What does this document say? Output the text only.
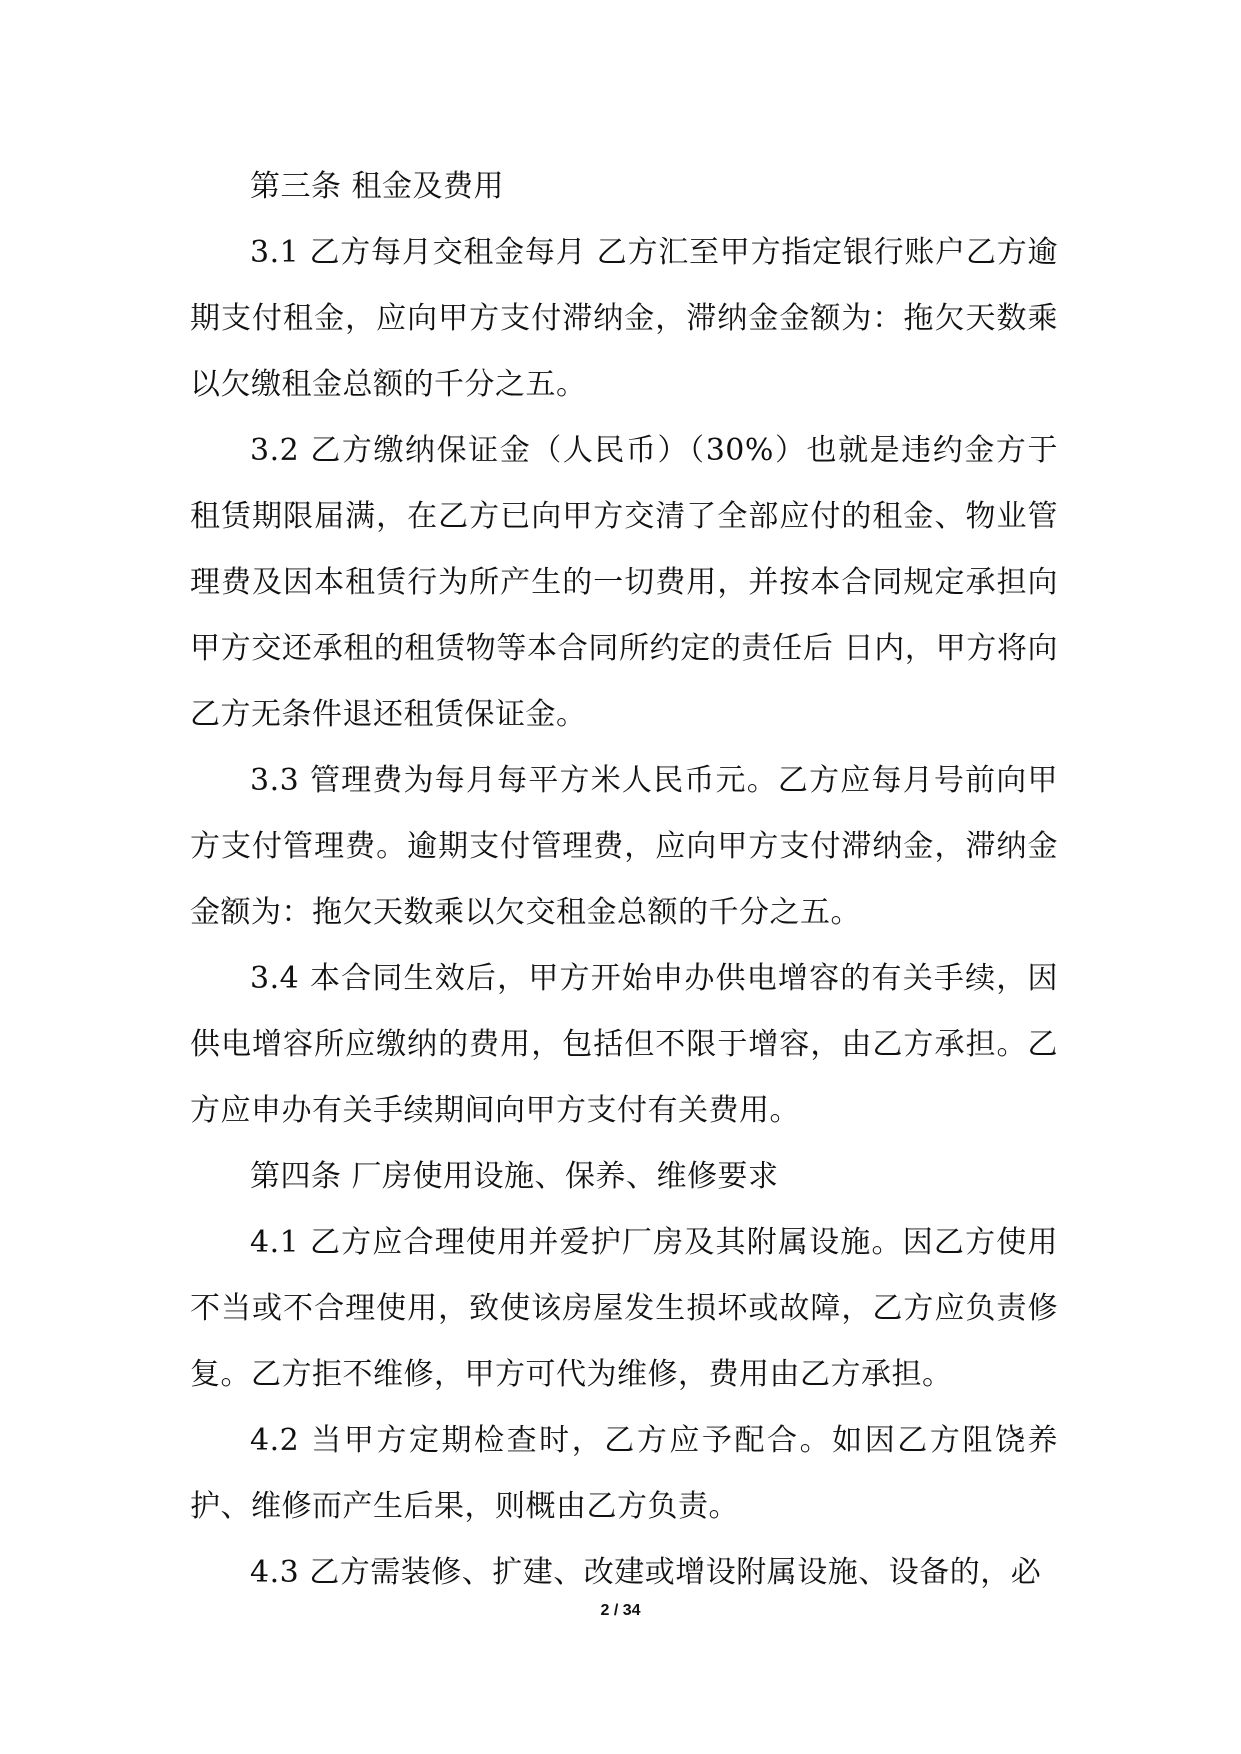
第三条 租金及费用

3.1 乙方每月交租金每月 乙方汇至甲方指定银行账户乙方逾期支付租金，应向甲方支付滞纳金，滞纳金金额为：拖欠天数乘以欠缴租金总额的千分之五。

3.2 乙方缴纳保证金（人民币）（30%）也就是违约金方于租赁期限届满，在乙方已向甲方交清了全部应付的租金、物业管理费及因本租赁行为所产生的一切费用，并按本合同规定承担向甲方交还承租的租赁物等本合同所约定的责任后 日内，甲方将向乙方无条件退还租赁保证金。

3.3 管理费为每月每平方米人民币元。乙方应每月号前向甲方支付管理费。逾期支付管理费，应向甲方支付滞纳金，滞纳金金额为：拖欠天数乘以欠交租金总额的千分之五。

3.4 本合同生效后，甲方开始申办供电增容的有关手续，因供电增容所应缴纳的费用，包括但不限于增容，由乙方承担。乙方应申办有关手续期间向甲方支付有关费用。

第四条 厂房使用设施、保养、维修要求

4.1 乙方应合理使用并爱护厂房及其附属设施。因乙方使用不当或不合理使用，致使该房屋发生损坏或故障，乙方应负责修复。乙方拒不维修，甲方可代为维修，费用由乙方承担。

4.2 当甲方定期检查时，乙方应予配合。如因乙方阻饶养护、维修而产生后果，则概由乙方负责。

4.3 乙方需装修、扩建、改建或增设附属设施、设备的，必

2 / 34
